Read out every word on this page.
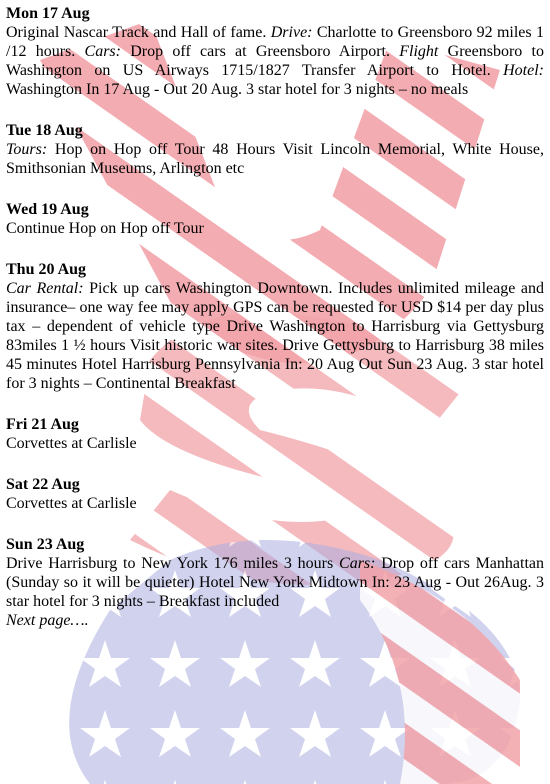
Mon 17 Aug
Original Nascar Track and Hall of fame. Drive: Charlotte to Greensboro 92 miles 1 /12 hours. Cars: Drop off cars at Greensboro Airport. Flight Greensboro to Washington on US Airways 1715/1827 Transfer Airport to Hotel. Hotel: Washington In 17 Aug - Out 20 Aug. 3 star hotel for 3 nights – no meals
Tue 18 Aug
Tours: Hop on Hop off Tour 48 Hours Visit Lincoln Memorial, White House, Smithsonian Museums, Arlington etc
Wed 19 Aug
Continue Hop on Hop off Tour
Thu 20 Aug
Car Rental: Pick up cars Washington Downtown. Includes unlimited mileage and insurance– one way fee may apply GPS can be requested for USD $14 per day plus tax – dependent of vehicle type Drive Washington to Harrisburg via Gettysburg 83miles 1 ½ hours Visit historic war sites. Drive Gettysburg to Harrisburg 38 miles 45 minutes Hotel Harrisburg Pennsylvania In: 20 Aug Out Sun 23 Aug. 3 star hotel for 3 nights – Continental Breakfast
Fri 21 Aug
Corvettes at Carlisle
Sat 22 Aug
Corvettes at Carlisle
Sun 23 Aug
Drive Harrisburg to New York 176 miles 3 hours Cars: Drop off cars Manhattan (Sunday so it will be quieter) Hotel New York Midtown In: 23 Aug - Out 26Aug. 3 star hotel for 3 nights – Breakfast included
Next page….
